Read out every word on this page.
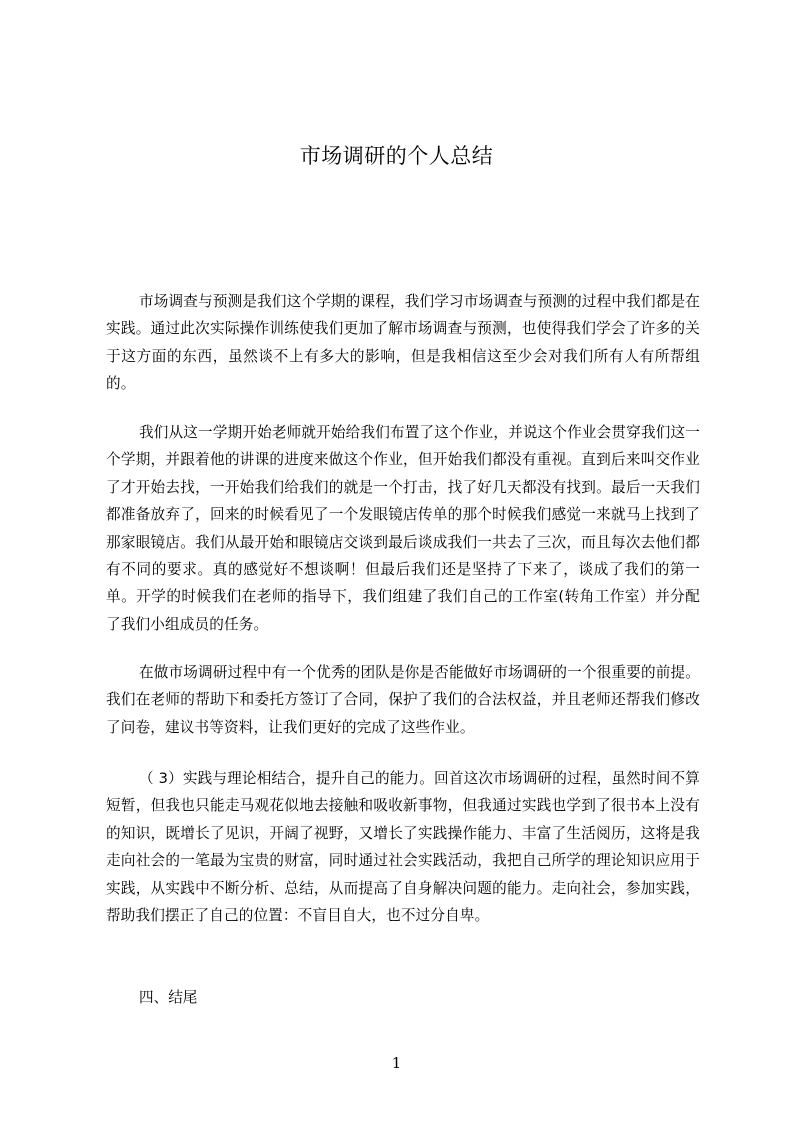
市场调研的个人总结

市场调查与预测是我们这个学期的课程，我们学习市场调查与预测的过程中我们都是在实践。通过此次实际操作训练使我们更加了解市场调查与预测，也使得我们学会了许多的关于这方面的东西，虽然谈不上有多大的影响，但是我相信这至少会对我们所有人有所帮组的。

我们从这一学期开始老师就开始给我们布置了这个作业，并说这个作业会贯穿我们这一个学期，并跟着他的讲课的进度来做这个作业，但开始我们都没有重视。直到后来叫交作业了才开始去找，一开始我们给我们的就是一个打击，找了好几天都没有找到。最后一天我们都准备放弃了，回来的时候看见了一个发眼镜店传单的那个时候我们感觉一来就马上找到了那家眼镜店。我们从最开始和眼镜店交谈到最后谈成我们一共去了三次，而且每次去他们都有不同的要求。真的感觉好不想谈啊！但最后我们还是坚持了下来了，谈成了我们的第一单。开学的时候我们在老师的指导下，我们组建了我们自己的工作室(转角工作室）并分配了我们小组成员的任务。

在做市场调研过程中有一个优秀的团队是你是否能做好市场调研的一个很重要的前提。我们在老师的帮助下和委托方签订了合同，保护了我们的合法权益，并且老师还帮我们修改了问卷，建议书等资料，让我们更好的完成了这些作业。

（ 3）实践与理论相结合，提升自己的能力。回首这次市场调研的过程，虽然时间不算短暂，但我也只能走马观花似地去接触和吸收新事物，但我通过实践也学到了很书本上没有的知识，既增长了见识，开阔了视野，又增长了实践操作能力、丰富了生活阅历，这将是我走向社会的一笔最为宝贵的财富，同时通过社会实践活动，我把自己所学的理论知识应用于实践，从实践中不断分析、总结，从而提高了自身解决问题的能力。走向社会，参加实践，帮助我们摆正了自己的位置：不盲目自大，也不过分自卑。

四、结尾
1
